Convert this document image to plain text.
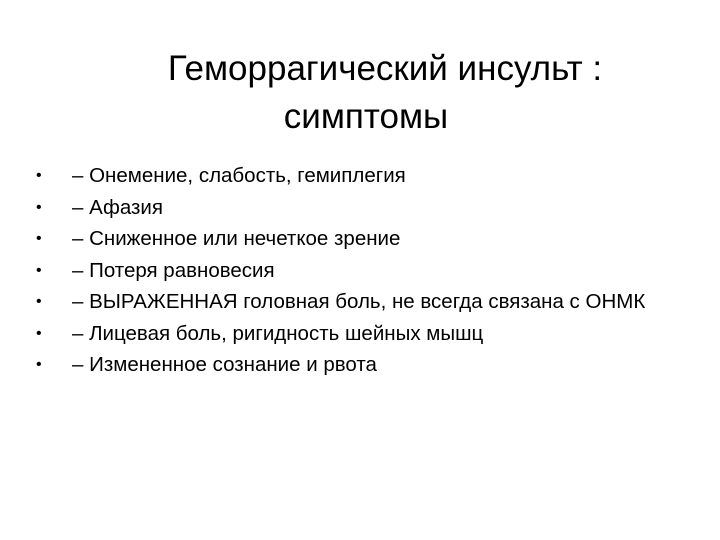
Геморрагический инсульт :
симптомы
•	– Онемение, слабость, гемиплегия
•	– Афазия
•	– Сниженное или нечеткое зрение
•	– Потеря равновесия
•	– ВЫРАЖЕННАЯ головная боль, не всегда связана с ОНМК
•	– Лицевая боль, ригидность шейных мышц
•	– Измененное сознание и рвота
